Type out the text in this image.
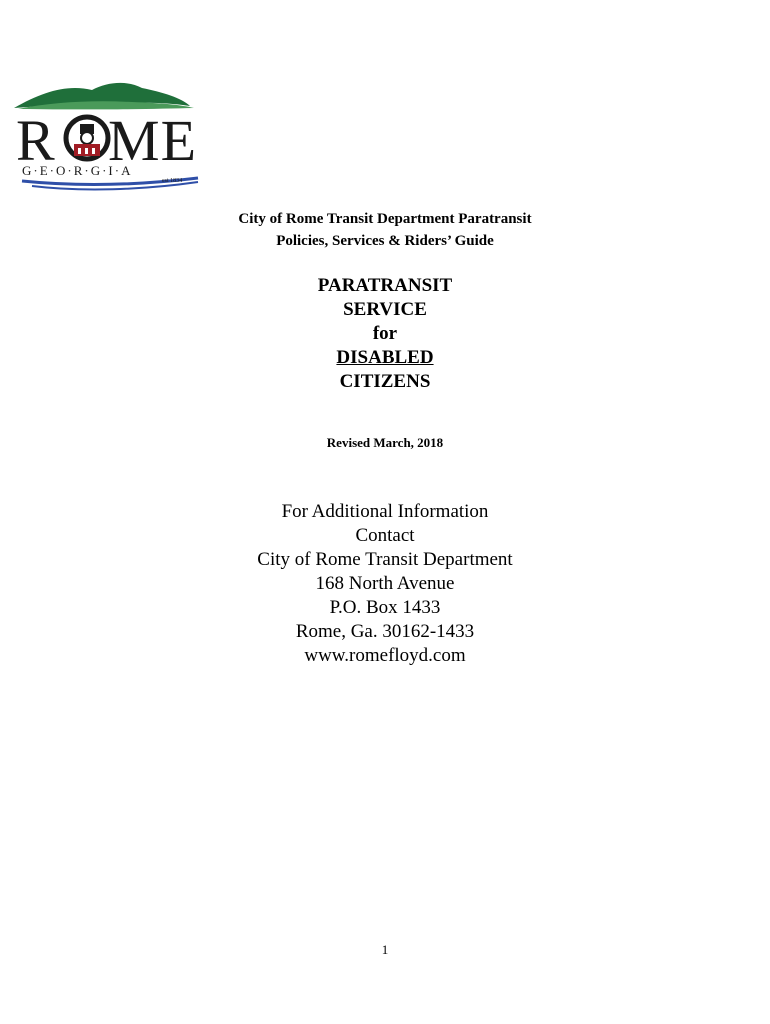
R ME
G·E·O·R·G·I·A
est 1834
City of Rome Transit Department Paratransit
Policies, Services & Riders’ Guide
PARATRANSIT
SERVICE
for
DISABLED
CITIZENS
Revised March, 2018
For Additional Information
Contact
City of Rome Transit Department
168 North Avenue
P.O. Box 1433
Rome, Ga. 30162-1433
www.romefloyd.com
1
